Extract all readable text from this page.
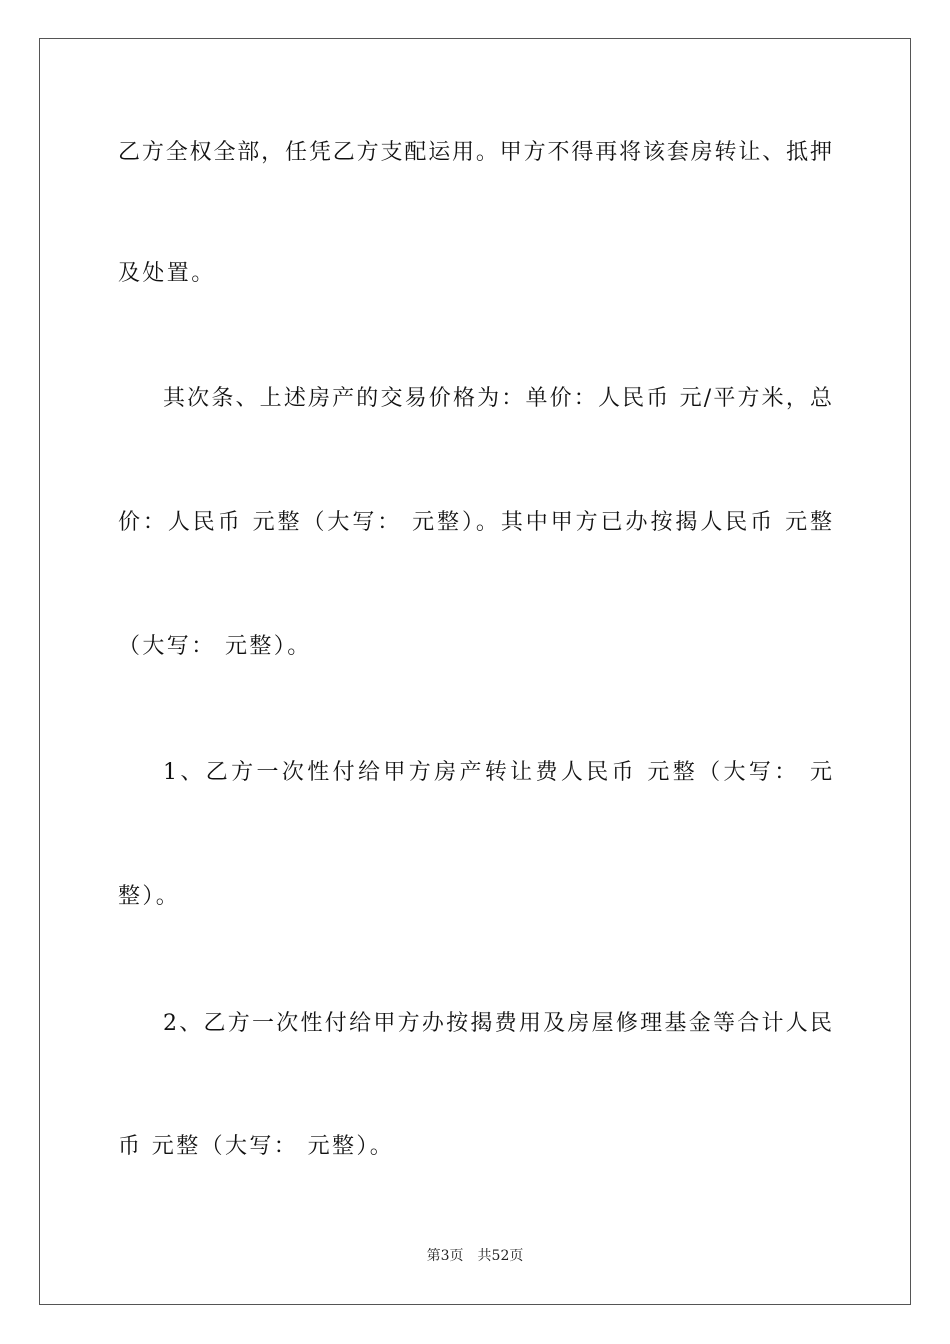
乙方全权全部，任凭乙方支配运用。甲方不得再将该套房转让、抵押
及处置。
其次条、上述房产的交易价格为：单价：人民币 元/平方米，总
价：人民币 元整（大写： 元整）。其中甲方已办按揭人民币 元整
（大写： 元整）。
1、乙方一次性付给甲方房产转让费人民币 元整（大写： 元
整）。
2、乙方一次性付给甲方办按揭费用及房屋修理基金等合计人民
币 元整（大写： 元整）。
第3页 共52页
